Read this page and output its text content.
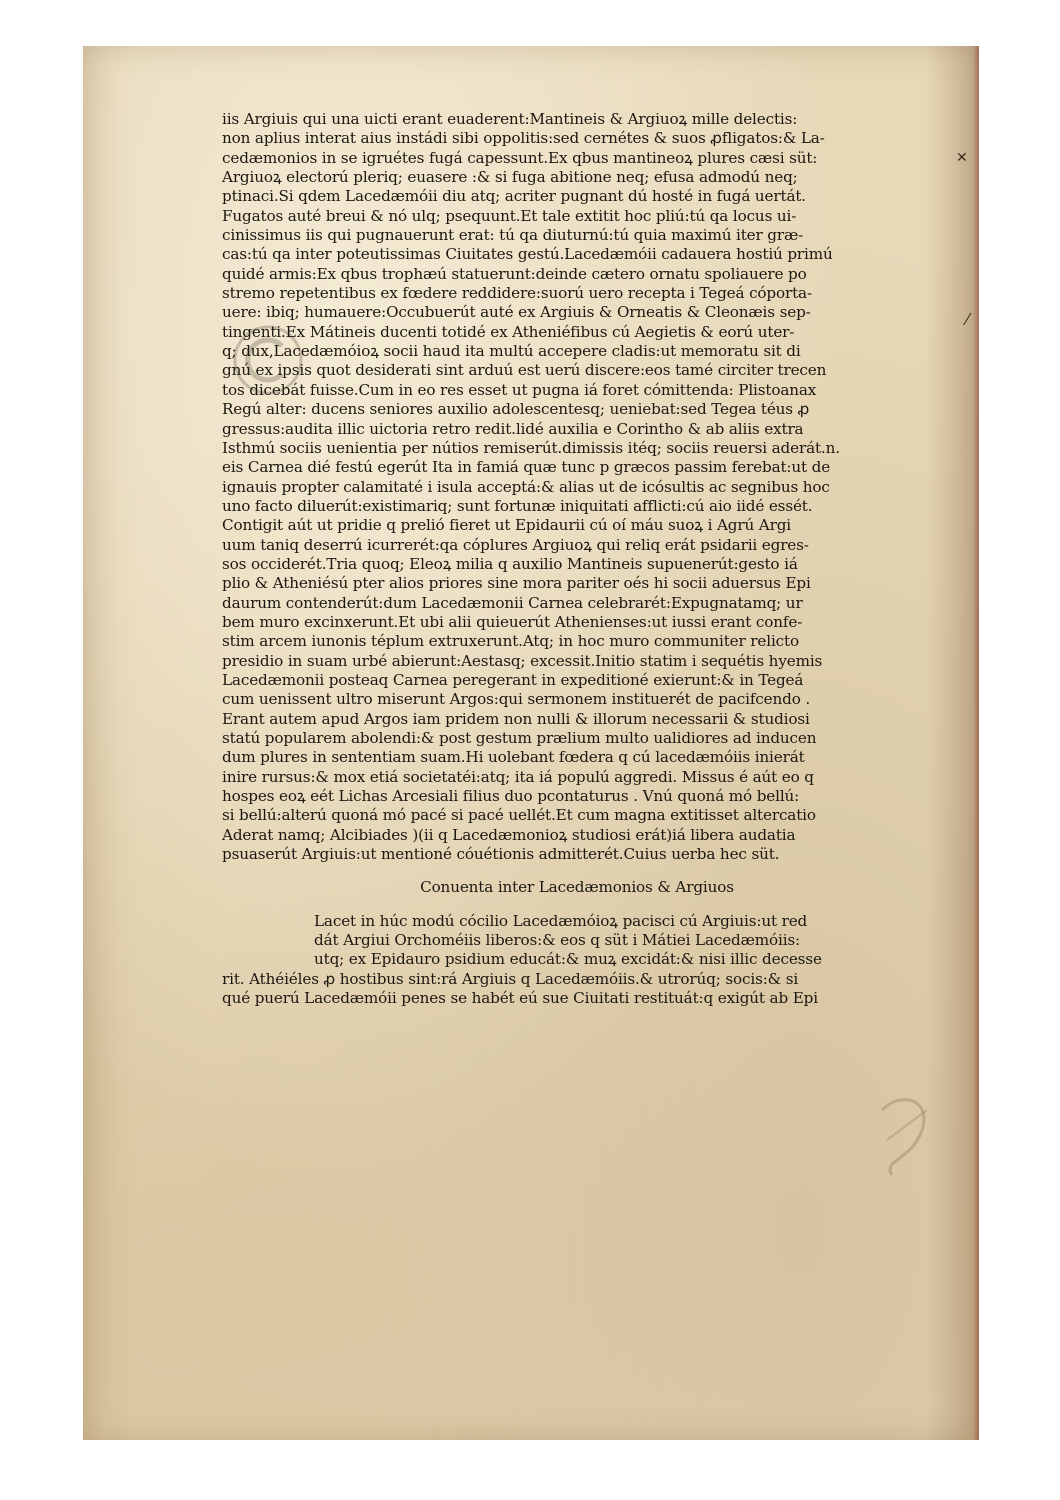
✕
⁄
iis Argiuis qui una uicti erant euaderent:Mantineis & Argiuoꝝ mille delectis:
non aplius interat aius instádi sibi oppolitis:sed cernétes & suos ꝓfligatos:& La-
cedæmonios in se igruétes fugá capessunt.Ex qbus mantineoꝝ plures cæsi süt:
Argiuoꝝ electorú pleriq; euasere :& si fuga abitione neq; efusa admodú neq;
ptinaci.Si qdem Lacedæmóii diu atq; acriter pugnant dú hosté in fugá uertát.
Fugatos auté breui & nó ulq; psequunt.Et tale extitit hoc pliú:tú qa locus ui-
cinissimus iis qui pugnauerunt erat: tú qa diuturnú:tú quia maximú iter græ-
cas:tú qa inter poteutissimas Ciuitates gestú.Lacedæmóii cadauera hostiú primú
quidé armis:Ex qbus trophæú statuerunt:deinde cætero ornatu spoliauere po
stremo repetentibus ex fœdere reddidere:suorú uero recepta i Tegeá cóporta-
uere: ibiq; humauere:Occubuerút auté ex Argiuis & Orneatis & Cleonæis sep-
tingenti.Ex Mátineis ducenti totidé ex Atheniéfibus cú Aegietis & eorú uter-
q; dux,Lacedæmóioꝝ socii haud ita multú accepere cladis:ut memoratu sit di
gnú ex ipsis quot desiderati sint arduú est uerú discere:eos tamé circiter trecen
tos dicebát fuisse.Cum in eo res esset ut pugna iá foret cómittenda: Plistoanax
Regú alter: ducens seniores auxilio adolescentesq; ueniebat:sed Tegea téus ꝓ
gressus:audita illic uictoria retro redit.lidé auxilia e Corintho & ab aliis extra
Isthmú sociis uenientia per nútios remiserút.dimissis itéq; sociis reuersi aderát.n.
eis Carnea dié festú egerút Ita in famiá quæ tunc p græcos passim ferebat:ut de
ignauis propter calamitaté i isula acceptá:& alias ut de icósultis ac segnibus hoc
uno facto diluerút:existimariq; sunt fortunæ iniquitati afflicti:cú aio iidé essét.
Contigit aút ut pridie q prelió fieret ut Epidaurii cú oí máu suoꝝ i Agrú Argi
uum taniq deserrú icurrerét:qa cóplures Argiuoꝝ qui reliq erát psidarii egres-
sos occiderét.Tria quoq; Eleoꝝ milia q auxilio Mantineis supuenerút:gesto iá
plio & Atheniésú pter alios priores sine mora pariter oés hi socii aduersus Epi
daurum contenderút:dum Lacedæmonii Carnea celebrarét:Expugnatamq; ur
bem muro excinxerunt.Et ubi alii quieuerút Athenienses:ut iussi erant confe-
stim arcem iunonis téplum extruxerunt.Atq; in hoc muro communiter relicto
presidio in suam urbé abierunt:Aestasq; excessit.Initio statim i sequétis hyemis
Lacedæmonii posteaq Carnea peregerant in expeditioné exierunt:& in Tegeá
cum uenissent ultro miserunt Argos:qui sermonem instituerét de pacifcendo .
Erant autem apud Argos iam pridem non nulli & illorum necessarii & studiosi
statú popularem abolendi:& post gestum prælium multo ualidiores ad inducen
dum plures in sententiam suam.Hi uolebant fœdera q cú lacedæmóiis inierát
inire rursus:& mox etiá societatéi:atq; ita iá populú aggredi. Missus é aút eo q
hospes eoꝝ eét Lichas Arcesiali filius duo pcontaturus . Vnú quoná mó bellú:
si bellú:alterú quoná mó pacé si pacé uellét.Et cum magna extitisset altercatio
Aderat namq; Alcibiades )(ii q Lacedæmonioꝝ studiosi erát)iá libera audatia
psuaserút Argiuis:ut mentioné cóuétionis admitterét.Cuius uerba hec süt.
Conuenta inter Lacedæmonios & Argiuos
Lacet in húc modú cócilio Lacedæmóioꝝ pacisci cú Argiuis:ut red
dát Argiui Orchoméiis liberos:& eos q süt i Mátiei Lacedæmóiis:
utq; ex Epidauro psidium educát:& muꝝ excidát:& nisi illic decesse
rit. Athéiéles ꝓ hostibus sint:rá Argiuis q Lacedæmóiis.& utrorúq; socis:& si
qué puerú Lacedæmóii penes se habét eú sue Ciuitati restituát:q exigút ab Epi
